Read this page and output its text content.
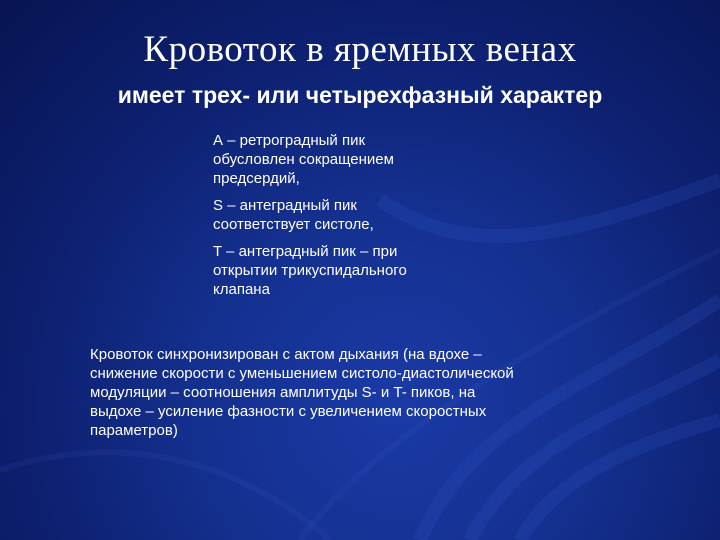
Кровоток в яремных венах
имеет трех- или четырехфазный характер

А – ретроградный пик
обусловлен сокращением
предсердий,

S – антеградный пик
соответствует систоле,

T – антеградный пик – при
открытии трикуспидального
клапана

Кровоток синхронизирован с актом дыхания (на вдохе –
снижение скорости с уменьшением систоло-диастолической
модуляции – соотношения амплитуды S- и T- пиков, на
выдохе – усиление фазности с увеличением скоростных
параметров)
